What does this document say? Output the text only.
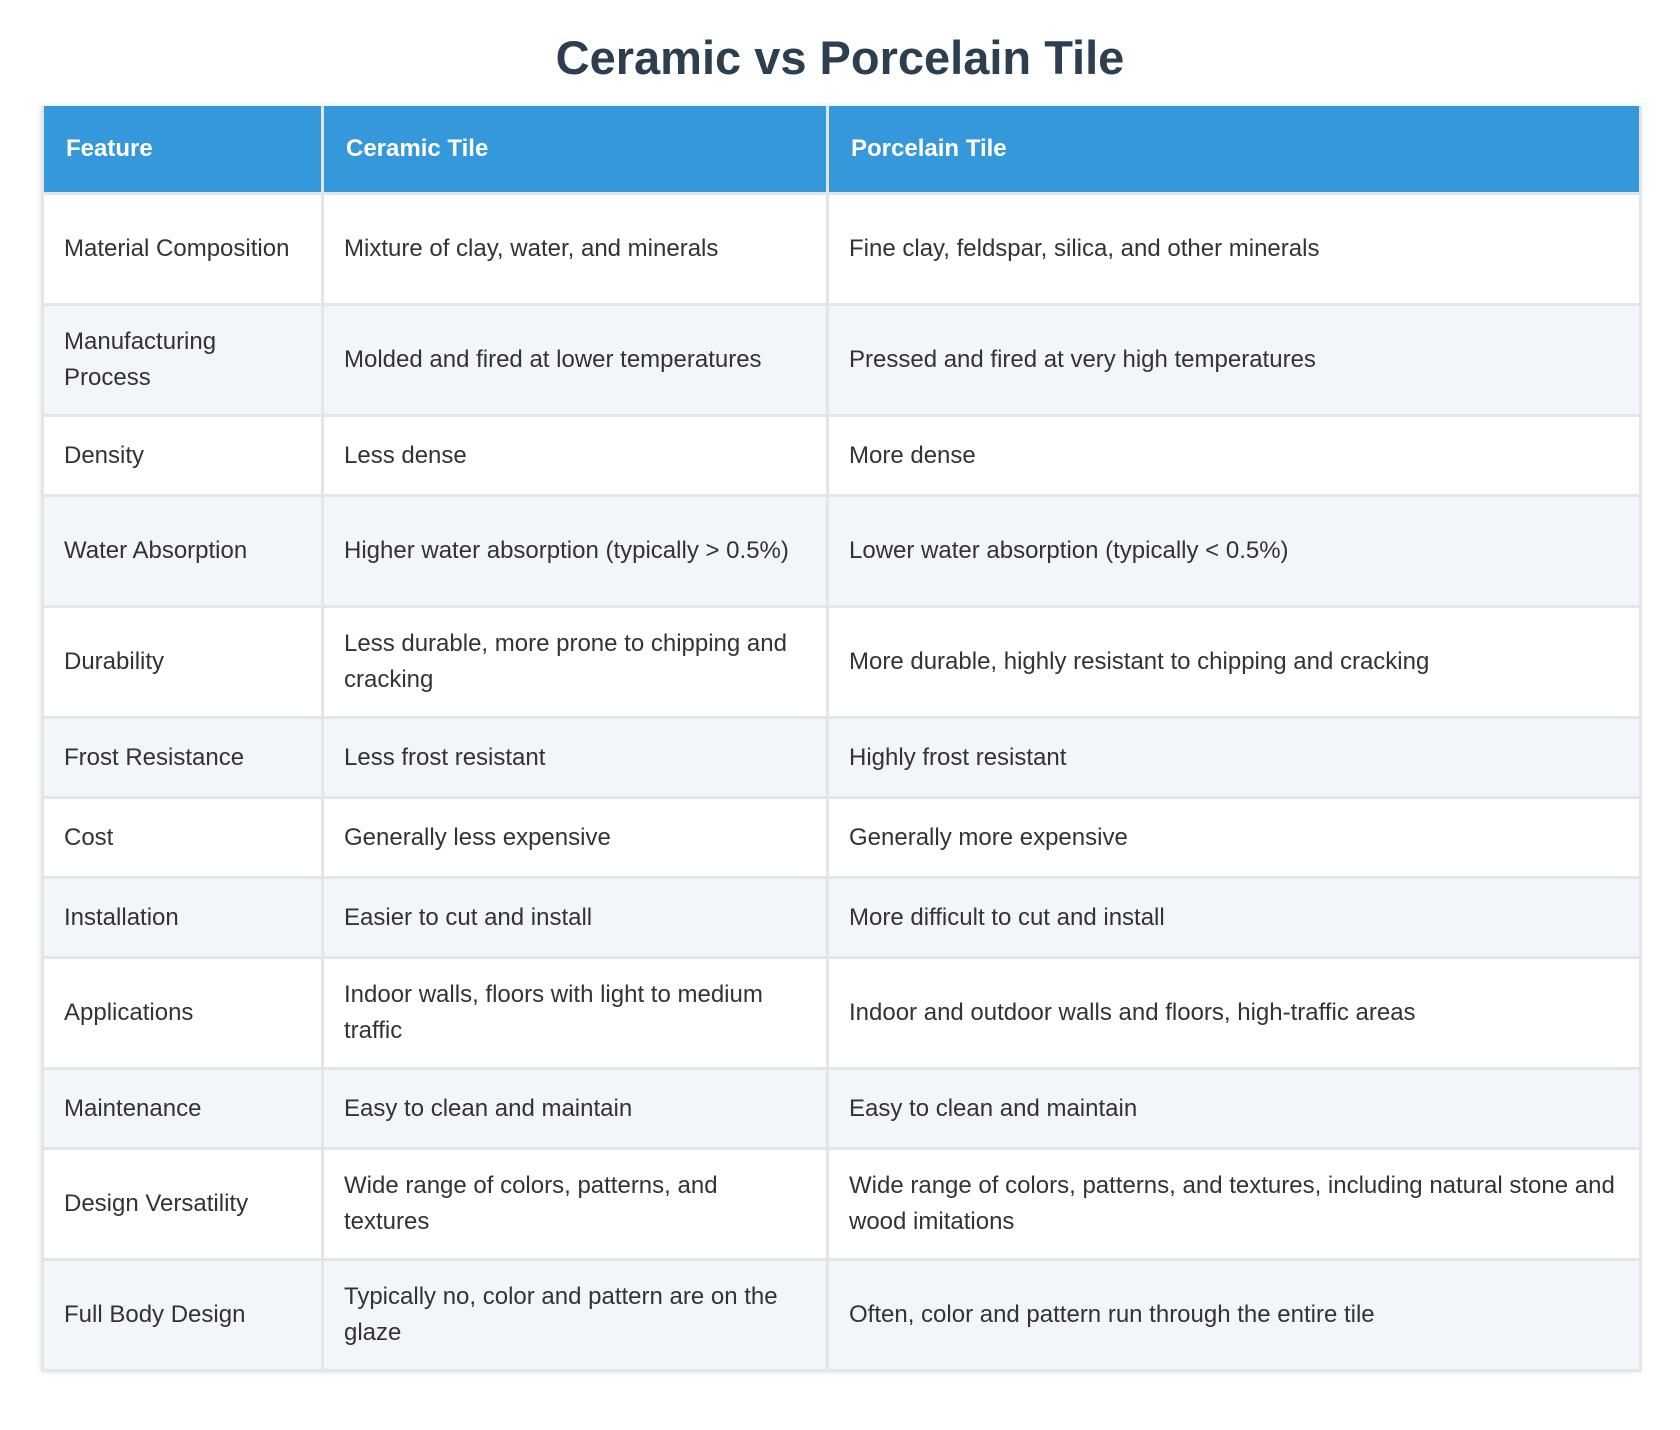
Ceramic vs Porcelain Tile
Feature	Ceramic Tile	Porcelain Tile
Material Composition	Mixture of clay, water, and minerals	Fine clay, feldspar, silica, and other minerals
Manufacturing Process	Molded and fired at lower temperatures	Pressed and fired at very high temperatures
Density	Less dense	More dense
Water Absorption	Higher water absorption (typically > 0.5%)	Lower water absorption (typically < 0.5%)
Durability	Less durable, more prone to chipping and cracking	More durable, highly resistant to chipping and cracking
Frost Resistance	Less frost resistant	Highly frost resistant
Cost	Generally less expensive	Generally more expensive
Installation	Easier to cut and install	More difficult to cut and install
Applications	Indoor walls, floors with light to medium traffic	Indoor and outdoor walls and floors, high-traffic areas
Maintenance	Easy to clean and maintain	Easy to clean and maintain
Design Versatility	Wide range of colors, patterns, and textures	Wide range of colors, patterns, and textures, including natural stone and wood imitations
Full Body Design	Typically no, color and pattern are on the glaze	Often, color and pattern run through the entire tile
